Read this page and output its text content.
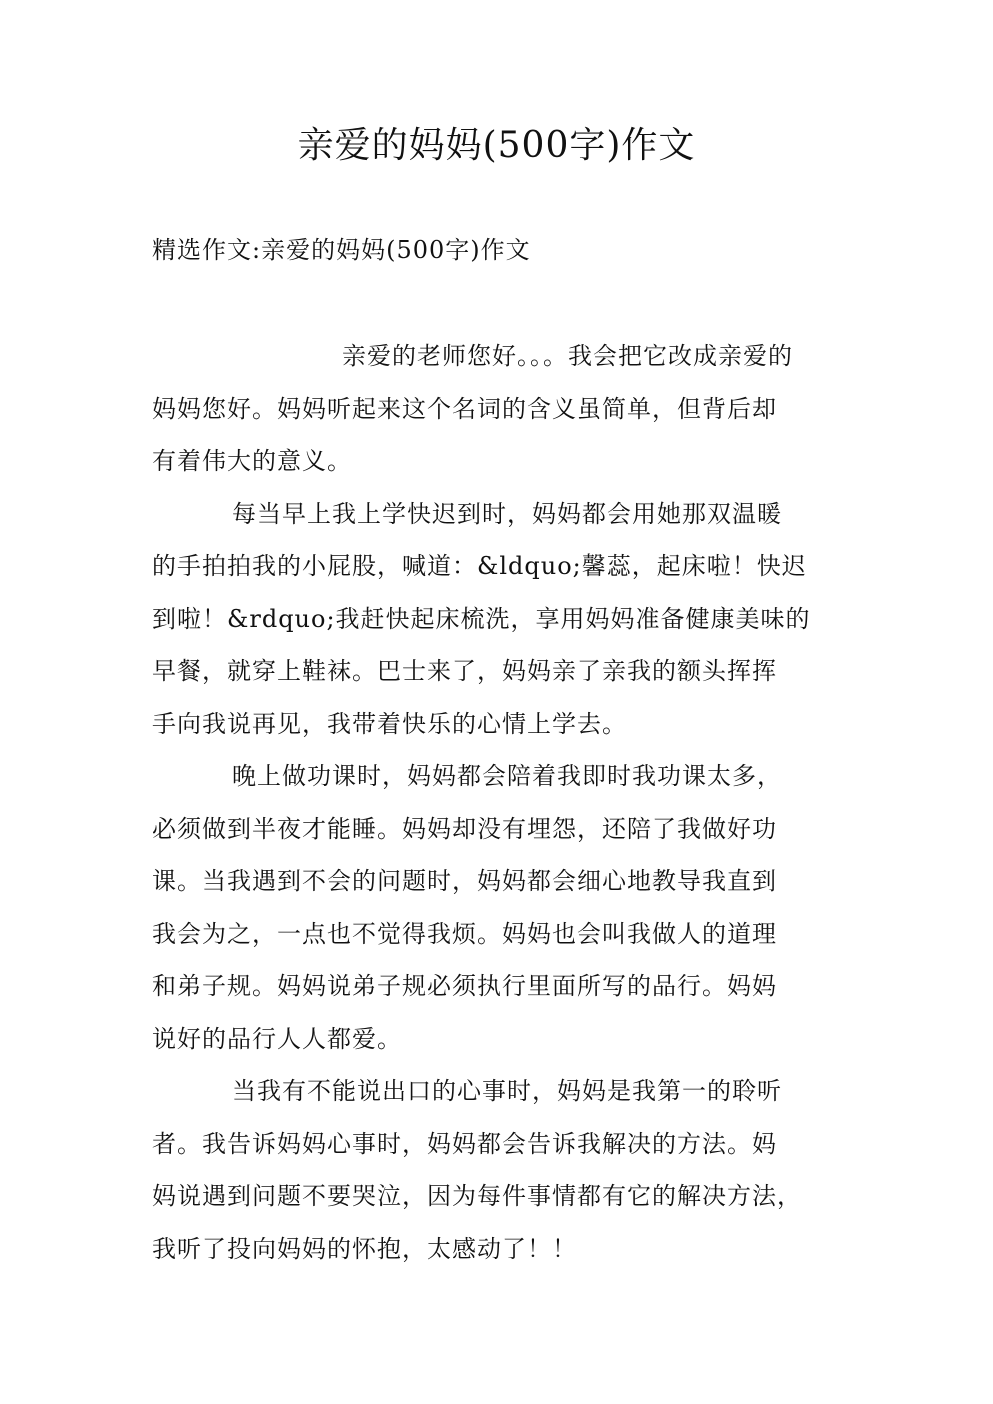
亲爱的妈妈(500字)作文
精选作文:亲爱的妈妈(500字)作文

亲爱的老师您好。。。我会把它改成亲爱的
妈妈您好。妈妈听起来这个名词的含义虽简单，但背后却
有着伟大的意义。

每当早上我上学快迟到时，妈妈都会用她那双温暖
的手拍拍我的小屁股，喊道：&ldquo;馨蕊，起床啦！快迟
到啦！&rdquo;我赶快起床梳洗，享用妈妈准备健康美味的
早餐，就穿上鞋袜。巴士来了，妈妈亲了亲我的额头挥挥
手向我说再见，我带着快乐的心情上学去。

晚上做功课时，妈妈都会陪着我即时我功课太多，
必须做到半夜才能睡。妈妈却没有埋怨，还陪了我做好功
课。当我遇到不会的问题时，妈妈都会细心地教导我直到
我会为之，一点也不觉得我烦。妈妈也会叫我做人的道理
和弟子规。妈妈说弟子规必须执行里面所写的品行。妈妈
说好的品行人人都爱。

当我有不能说出口的心事时，妈妈是我第一的聆听
者。我告诉妈妈心事时，妈妈都会告诉我解决的方法。妈
妈说遇到问题不要哭泣，因为每件事情都有它的解决方法，
我听了投向妈妈的怀抱，太感动了！！
